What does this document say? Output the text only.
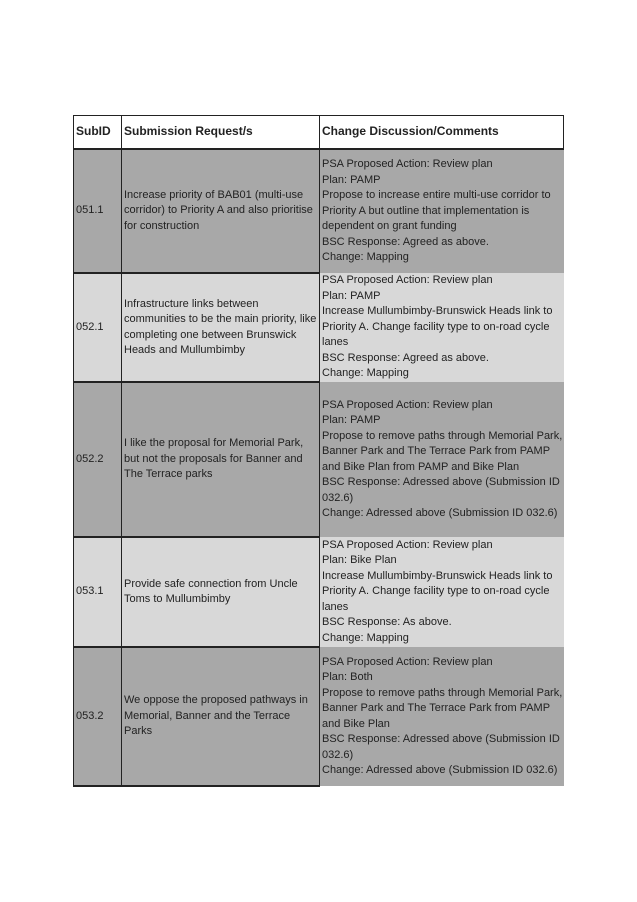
SubID	Submission Request/s	Change Discussion/Comments
051.1	Increase priority of BAB01 (multi-use corridor) to Priority A and also prioritise for construction	PSA Proposed Action: Review plan
Plan: PAMP
Propose to increase entire multi-use corridor to Priority A but outline that implementation is dependent on grant funding
BSC Response: Agreed as above.
Change: Mapping
052.1	Infrastructure links between communities to be the main priority, like completing one between Brunswick Heads and Mullumbimby	PSA Proposed Action: Review plan
Plan: PAMP
Increase Mullumbimby-Brunswick Heads link to Priority A. Change facility type to on-road cycle lanes
BSC Response: Agreed as above.
Change: Mapping
052.2	I like the proposal for Memorial Park, but not the proposals for Banner and The Terrace parks	PSA Proposed Action: Review plan
Plan: PAMP
Propose to remove paths through Memorial Park, Banner Park and The Terrace Park from PAMP and Bike Plan from PAMP and Bike Plan
BSC Response: Adressed above (Submission ID 032.6)
Change: Adressed above (Submission ID 032.6)
053.1	Provide safe connection from Uncle Toms to Mullumbimby	PSA Proposed Action: Review plan
Plan: Bike Plan
Increase Mullumbimby-Brunswick Heads link to Priority A. Change facility type to on-road cycle lanes
BSC Response: As above.
Change: Mapping
053.2	We oppose the proposed pathways in Memorial, Banner and the Terrace Parks	PSA Proposed Action: Review plan
Plan: Both
Propose to remove paths through Memorial Park, Banner Park and The Terrace Park from PAMP and Bike Plan
BSC Response: Adressed above (Submission ID 032.6)
Change: Adressed above (Submission ID 032.6)
